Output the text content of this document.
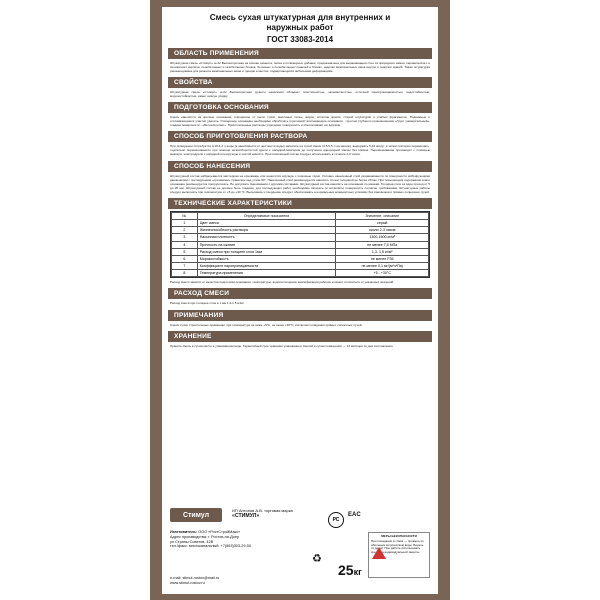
Смесь сухая штукатурная для внутренних и
наружных работ
ГОСТ 33083-2014
ОБЛАСТЬ ПРИМЕНЕНИЯ
Штукатурная смесь «Стимул» ш-22 Высокопрочная на основе цемента, песка и полимерных добавок, предназначена для выравнивания стен из природного камня, керамического и силикатного кирпича, пенобетонных и газобетонных блоков, бетонных и легкобетонных панелей в блоках, заделки межпанельных швов внутри и снаружи зданий. Также штукатурка рекомендована для ремонта межпанельных швов и трещин в местах, подвергающихся небольшим деформациям.
СВОЙСТВА
Штукатурная смесь «Стимул» ш-22 Высокопрочная ручного нанесения обладает пластичностью, экономичностью, отличной паропроницаемостью, водостойкостью, морозостойкостью, имеет низкую усадку.
ПОДГОТОВКА ОСНОВАНИЯ
Смесь наносится на крепкое основание, очищенное от пыли, грязи, масляных пятен, жиров, остатков краски, старой штукатурки и слабых фрагментов. Подвижные и отслаивающиеся участки удалить. Очищенное основание необходимо обработать грунтовкой: впитывающие основания - грунтом глубокого проникновения «Грунт универсальный», гладкие поверхности - «Бетон-Контакт». Приготовленные растворы упрочняют поверхность и обеспечивают её адгезию.
СПОСОБ ПРИГОТОВЛЕНИЯ РАСТВОРА
При затворении потребуется 4,18-4,2 л воды (в зависимости от жесткости воды) засыпать на сухой смеси (4,5-5,5 л на мешок), выдержать 5-10 минут, в затем повторно перемешать, тщательно перемешивается при помощи низкооборотистой дрели с насадкой-миксером до получения однородной массы без комков. Перемешивание производят с помощью миксера, электродрели с насадкой или вручную в чистой емкости. Приготовленный состав следует использовать в течение 2-3 часов.
СПОСОБ НАНЕСЕНИЯ
Штукатурный состав набрасывается мастерком на основание или наносится вручную с помощью тёрки. Условно нанесенный слой разравнивается по поверхности вибрирующими движениями с последующим «срезанием» правилом над углом 90°. Нанесенный слой рекомендуется наносить слоем толщиной не более 20 мм. При повышенном содержании влаги основание рекомендуется прогрунтовать. Не допускать смешивания с другими составами. Штукатурный состав наносить на основание по маякам. Толщина слоя за один проход от 5 до 20 мм. Штукатурный состав не должен быть гладким, для последующих работ необходимо затирать (и оставлять) поверхность согласно требованиям. Штукатурные работы следует выполнять при температуре от +5 до +30 °С. Высыхание и твердение следует обеспечивать в нормальных влажностных условиях без сквозняков и прямых солнечных лучей.
ТЕХНИЧЕСКИЕ ХАРАКТЕРИСТИКИ
№	Определяемые показатели	Значение, описание
1	Цвет смеси	серый
2	Жизнеспособность раствора	около 2-3 часов
3	Насыпная плотность	1300-1500 кг/м³
4	Прочность на сжатие	не менее 7,5 МПа
5	Расход смеси при толщине слоя 1мм	1,3- 1,5 кг/м²
6	Морозостойкость	не менее F35
7	Коэффициент паропроницаемости	не менее 0,1 мг/(м*ч*Па)
8	Температура применения	+5 - +30°С
Расход смеси зависит от качества подготовки основания, температуры, водопоглощения, квалификации рабочих и может отличаться от указанных значений.
РАСХОД СМЕСИ
Расход смеси при толщине слоя в 1 мм 1,3-1,5 кг/м².
ПРИМЕЧАНИЯ
Смеси сухие строительные применяют при температуре не ниже +5°С, не выше +30°С, исключая попадания прямых солнечных лучей.
ХРАНЕНИЕ
Хранить смесь в сухом месте в упакованном виде. Гарантийный срок хранения упакованных смесей в сухом помещении — 12 месяцев со дня изготовления.
Стимул
ИП Антонов А.В. торговая марка
«СТИМУЛ»
РС
EAC
Изготовитель: ООО «РостСтройМакс»
Адрес производства: г. Ростов-на-Дону,
ул.Страны Советов, 42В
тел./факс. многоканальный: +7(863)303-29-00
♻
МЕРЫ БЕЗОПАСНОСТИ
При попадании в глаза — промыть их обильным количеством воды. Беречь от детей. При работе использовать средства индивидуальной защиты.
e-mail: stimul-rostov@mail.ru
www.stimul-rostov.ru
25кг
